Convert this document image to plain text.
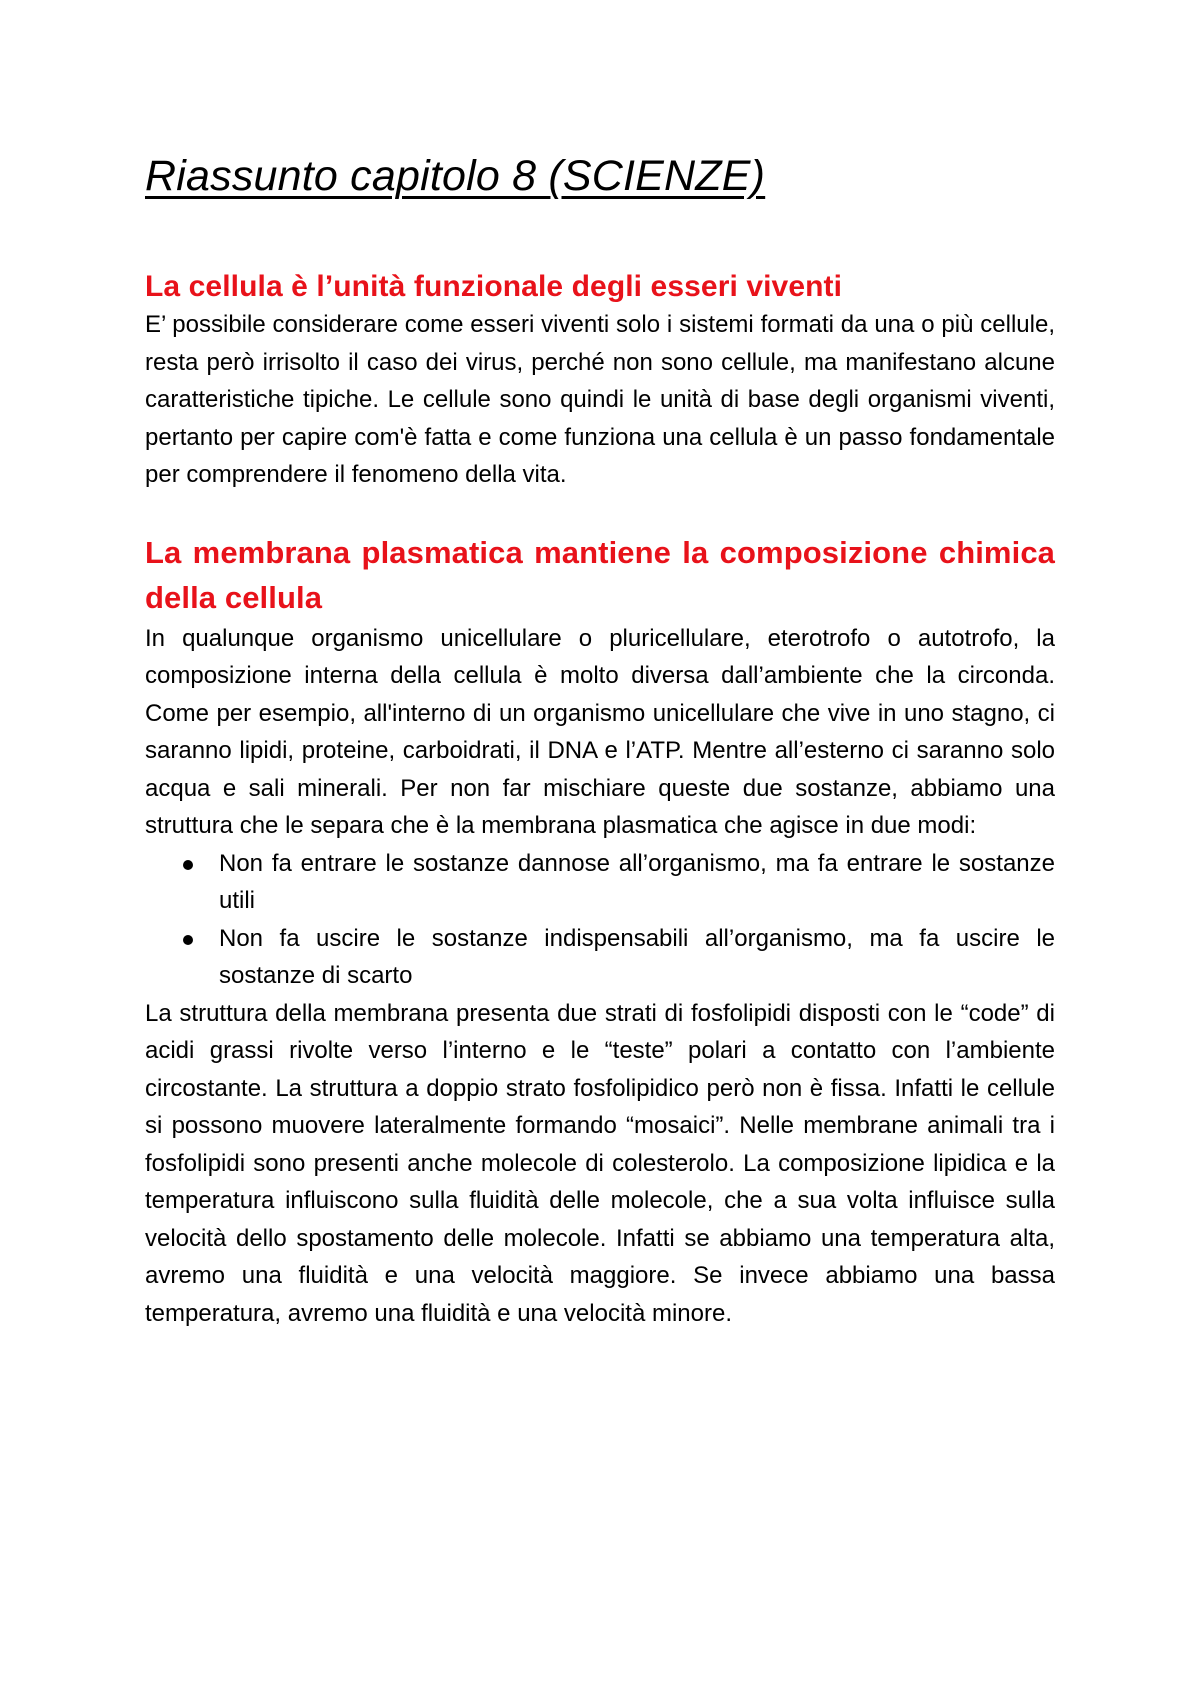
Riassunto capitolo 8 (SCIENZE)
La cellula è l’unità funzionale degli esseri viventi

E’ possibile considerare come esseri viventi solo i sistemi formati da una o più cellule, resta però irrisolto il caso dei virus, perché non sono cellule, ma manifestano alcune caratteristiche tipiche. Le cellule sono quindi le unità di base degli organismi viventi, pertanto per capire com'è fatta e come funziona una cellula è un passo fondamentale per comprendere il fenomeno della vita.

La membrana plasmatica mantiene la composizione chimica della cellula

In qualunque organismo unicellulare o pluricellulare, eterotrofo o autotrofo, la composizione interna della cellula è molto diversa dall’ambiente che la circonda. Come per esempio, all'interno di un organismo unicellulare che vive in uno stagno, ci saranno lipidi, proteine, carboidrati, il DNA e l’ATP. Mentre all’esterno ci saranno solo acqua e sali minerali. Per non far mischiare queste due sostanze, abbiamo una struttura che le separa che è la membrana plasmatica che agisce in due modi:

Non fa entrare le sostanze dannose all’organismo, ma fa entrare le sostanze utili
Non fa uscire le sostanze indispensabili all’organismo, ma fa uscire le sostanze di scarto

La struttura della membrana presenta due strati di fosfolipidi disposti con le “code” di acidi grassi rivolte verso l’interno e le “teste” polari a contatto con l’ambiente circostante. La struttura a doppio strato fosfolipidico però non è fissa. Infatti le cellule si possono muovere lateralmente formando “mosaici”. Nelle membrane animali tra i fosfolipidi sono presenti anche molecole di colesterolo. La composizione lipidica e la temperatura influiscono sulla fluidità delle molecole, che a sua volta influisce sulla velocità dello spostamento delle molecole. Infatti se abbiamo una temperatura alta, avremo una fluidità e una velocità maggiore. Se invece abbiamo una bassa temperatura, avremo una fluidità e una velocità minore.
